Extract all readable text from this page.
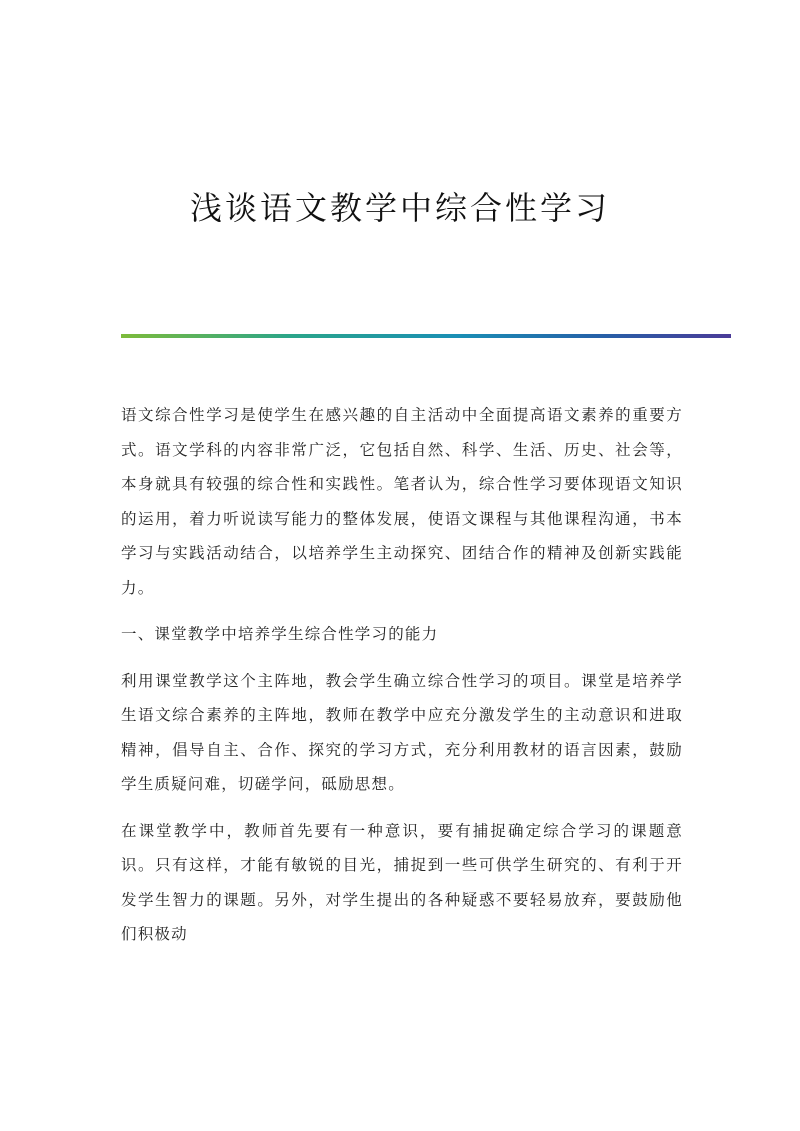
浅谈语文教学中综合性学习

语文综合性学习是使学生在感兴趣的自主活动中全面提高语文素养的重要方式。语文学科的内容非常广泛，它包括自然、科学、生活、历史、社会等，本身就具有较强的综合性和实践性。笔者认为，综合性学习要体现语文知识的运用，着力听说读写能力的整体发展，使语文课程与其他课程沟通，书本学习与实践活动结合，以培养学生主动探究、团结合作的精神及创新实践能力。

一、课堂教学中培养学生综合性学习的能力

利用课堂教学这个主阵地，教会学生确立综合性学习的项目。课堂是培养学生语文综合素养的主阵地，教师在教学中应充分激发学生的主动意识和进取精神，倡导自主、合作、探究的学习方式，充分利用教材的语言因素，鼓励学生质疑问难，切磋学问，砥励思想。

在课堂教学中，教师首先要有一种意识，要有捕捉确定综合学习的课题意识。只有这样，才能有敏锐的目光，捕捉到一些可供学生研究的、有利于开发学生智力的课题。另外，对学生提出的各种疑惑不要轻易放弃，要鼓励他们积极动
